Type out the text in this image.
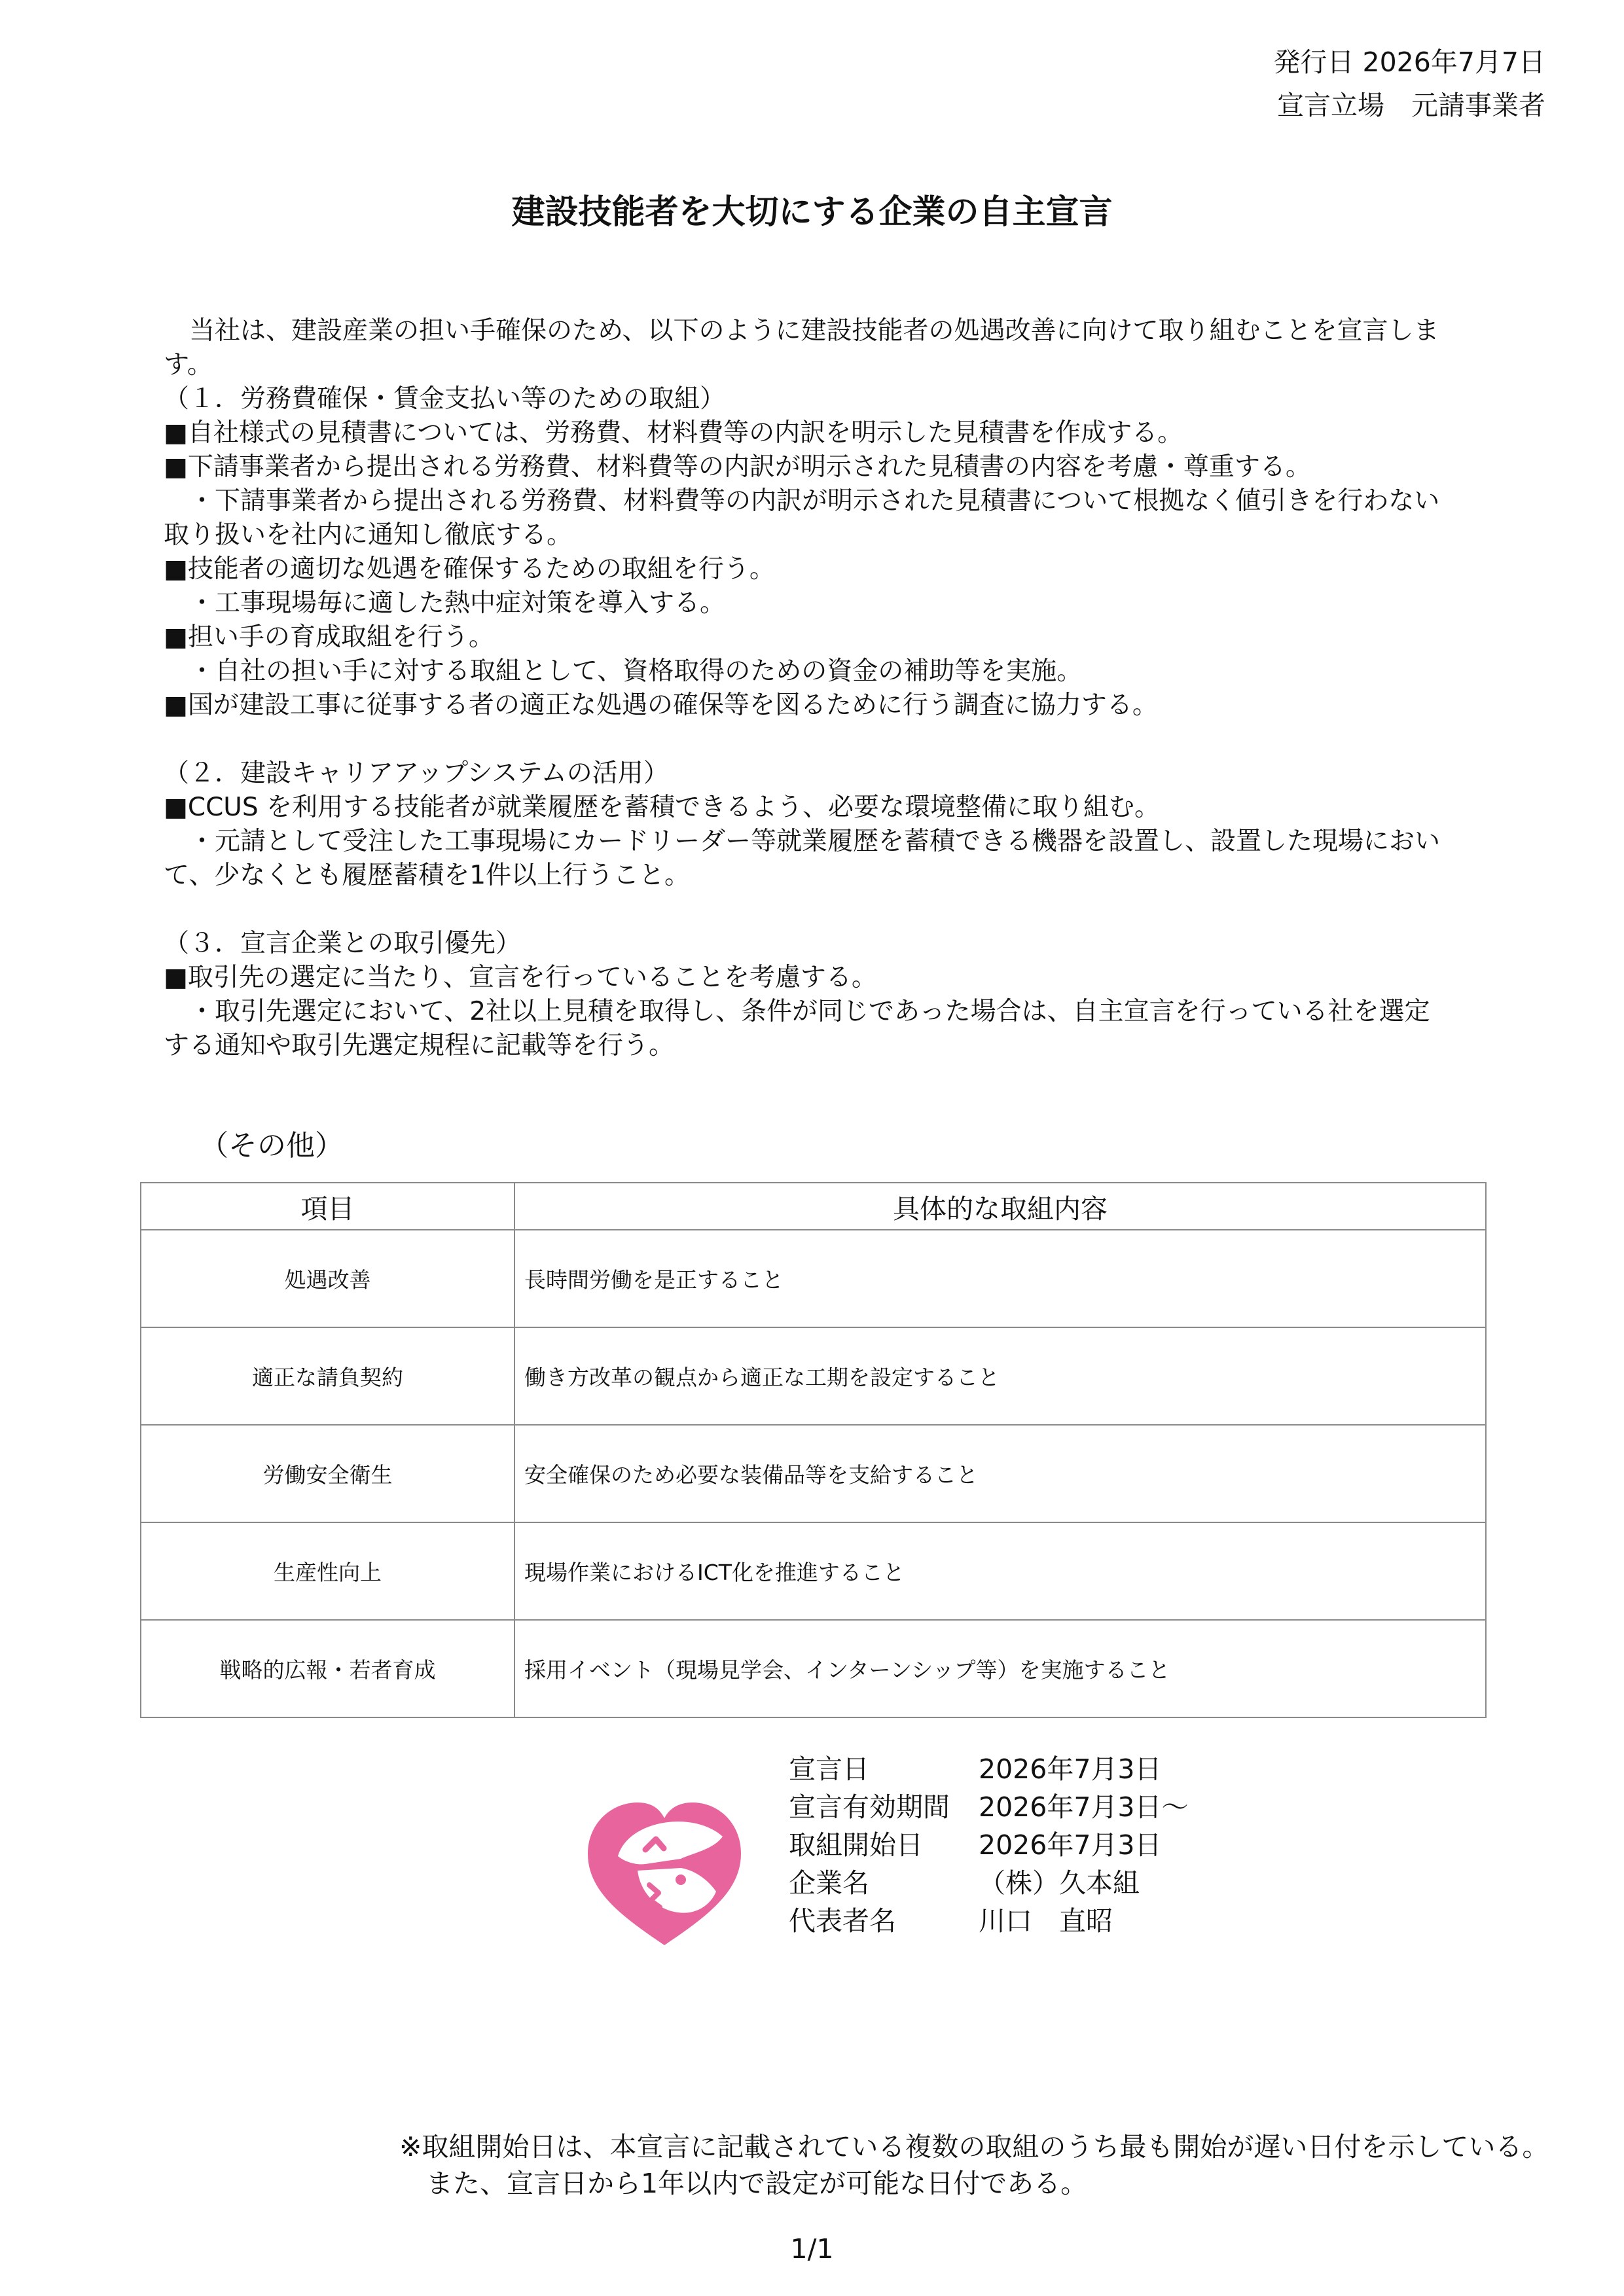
発行日 2026年7月7日
宣言立場　元請事業者
建設技能者を大切にする企業の自主宣言
　当社は、建設産業の担い手確保のため、以下のように建設技能者の処遇改善に向けて取り組むことを宣言します。
（１．労務費確保・賃金支払い等のための取組）
■自社様式の見積書については、労務費、材料費等の内訳を明示した見積書を作成する。
■下請事業者から提出される労務費、材料費等の内訳が明示された見積書の内容を考慮・尊重する。
　・下請事業者から提出される労務費、材料費等の内訳が明示された見積書について根拠なく値引きを行わない取り扱いを社内に通知し徹底する。
■技能者の適切な処遇を確保するための取組を行う。
　・工事現場毎に適した熱中症対策を導入する。
■担い手の育成取組を行う。
　・自社の担い手に対する取組として、資格取得のための資金の補助等を実施。
■国が建設工事に従事する者の適正な処遇の確保等を図るために行う調査に協力する。
（２．建設キャリアアップシステムの活用）
■CCUS を利用する技能者が就業履歴を蓄積できるよう、必要な環境整備に取り組む。
　・元請として受注した工事現場にカードリーダー等就業履歴を蓄積できる機器を設置し、設置した現場において、少なくとも履歴蓄積を1件以上行うこと。
（３．宣言企業との取引優先）
■取引先の選定に当たり、宣言を行っていることを考慮する。
　・取引先選定において、2社以上見積を取得し、条件が同じであった場合は、自主宣言を行っている社を選定する通知や取引先選定規程に記載等を行う。
（その他）
項目	具体的な取組内容
処遇改善	長時間労働を是正すること
適正な請負契約	働き方改革の観点から適正な工期を設定すること
労働安全衛生	安全確保のため必要な装備品等を支給すること
生産性向上	現場作業におけるICT化を推進すること
戦略的広報・若者育成	採用イベント（現場見学会、インターンシップ等）を実施すること
宣言日	2026年7月3日
宣言有効期間	2026年7月3日～
取組開始日	2026年7月3日
企業名	（株）久本組
代表者名	川口　直昭
※取組開始日は、本宣言に記載されている複数の取組のうち最も開始が遅い日付を示している。
　また、宣言日から1年以内で設定が可能な日付である。
1/1
